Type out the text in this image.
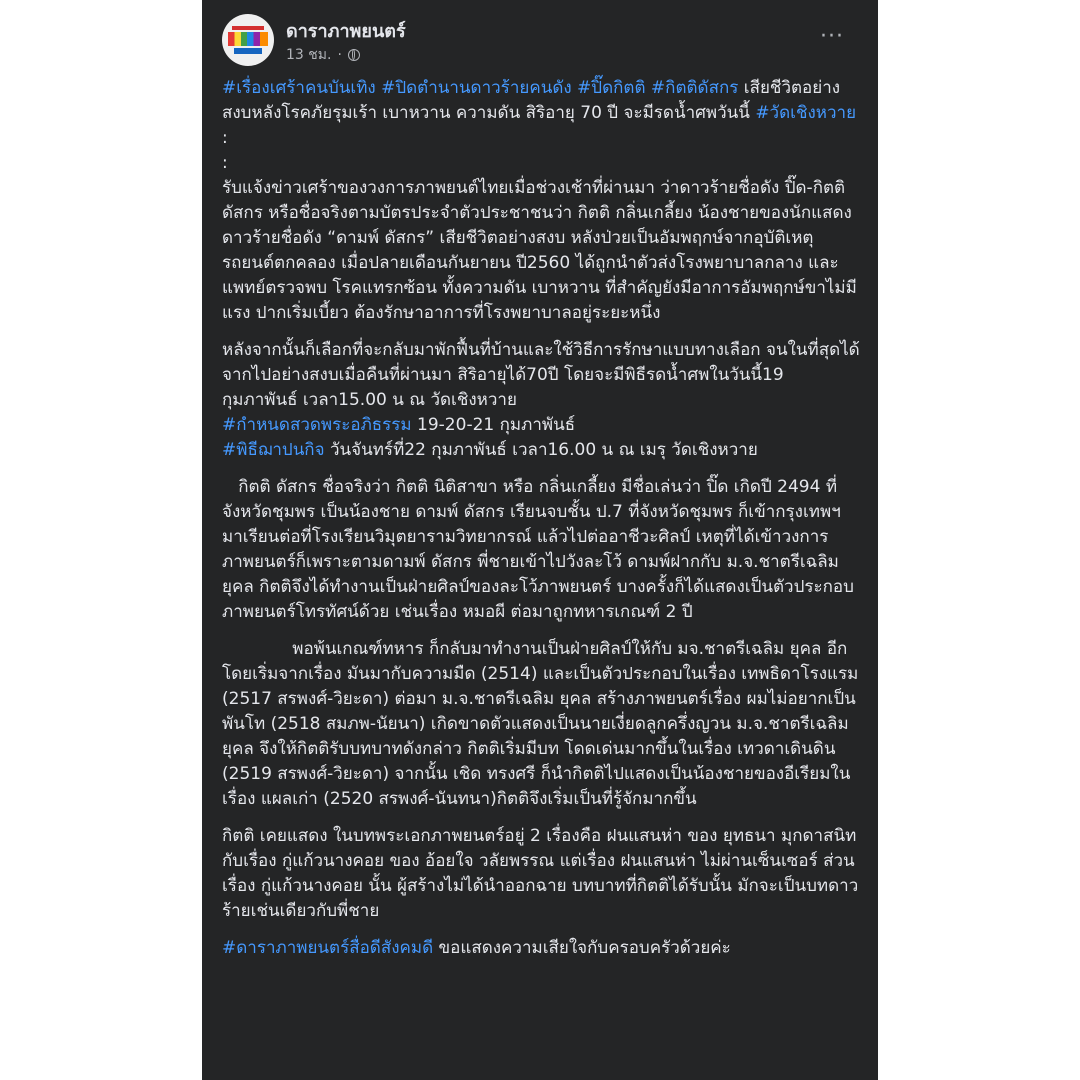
ดาราภาพยนตร์
13 ชม. ·
···

#เรื่องเศร้าคนบันเทิง #ปิดตำนานดาวร้ายคนดัง #ปิ๊ดกิตติ #กิตติดัสกร เสียชีวิตอย่างสงบหลังโรคภัยรุมเร้า เบาหวาน ความดัน สิริอายุ 70 ปี จะมีรดน้ำศพวันนี้ #วัดเชิงหวาย

:

:

รับแจ้งข่าวเศร้าของวงการภาพยนต์ไทยเมื่อช่วงเช้าที่ผ่านมา ว่าดาวร้ายชื่อดัง ปิ๊ด-กิตติ ดัสกร หรือชื่อจริงตามบัตรประจำตัวประชาชนว่า กิตติ กลิ่นเกลี้ยง น้องชายของนักแสดงดาวร้ายชื่อดัง “ดามพ์ ดัสกร” เสียชีวิตอย่างสงบ หลังป่วยเป็นอัมพฤกษ์จากอุบัติเหตุรถยนต์ตกคลอง เมื่อปลายเดือนกันยายน ปี2560 ได้ถูกนำตัวส่งโรงพยาบาลกลาง และแพทย์ตรวจพบ โรคแทรกซ้อน ทั้งความดัน เบาหวาน ที่สำคัญยังมีอาการอัมพฤกษ์ขาไม่มีแรง ปากเริ่มเบี้ยว ต้องรักษาอาการที่โรงพยาบาลอยู่ระยะหนึ่ง

หลังจากนั้นก็เลือกที่จะกลับมาพักฟื้นที่บ้านและใช้วิธีการรักษาแบบทางเลือก จนในที่สุดได้จากไปอย่างสงบเมื่อคืนที่ผ่านมา สิริอายุได้70ปี โดยจะมีพิธีรดน้ำศพในวันนี้19 กุมภาพันธ์ เวลา15.00 น ณ วัดเชิงหวาย

#กำหนดสวดพระอภิธรรม 19-20-21 กุมภาพันธ์

#พิธีฌาปนกิจ วันจันทร์ที่22 กุมภาพันธ์ เวลา16.00 น ณ เมรุ วัดเชิงหวาย

กิตติ ดัสกร ชื่อจริงว่า กิตติ นิติสาขา หรือ กลิ่นเกลี้ยง มีชื่อเล่นว่า ปิ๊ด เกิดปี 2494 ที่จังหวัดชุมพร เป็นน้องชาย ดามพ์ ดัสกร เรียนจบชั้น ป.7 ที่จังหวัดชุมพร ก็เข้ากรุงเทพฯ มาเรียนต่อที่โรงเรียนวิมุตยารามวิทยากรณ์ แล้วไปต่ออาชีวะศิลป์ เหตุที่ได้เข้าวงการภาพยนตร์ก็เพราะตามดามพ์ ดัสกร พี่ชายเข้าไปวังละโว้ ดามพ์ฝากกับ ม.จ.ชาตรีเฉลิม ยุคล กิตติจึงได้ทำงานเป็นฝ่ายศิลป์ของละโว้ภาพยนตร์ บางครั้งก็ได้แสดงเป็นตัวประกอบภาพยนตร์โทรทัศน์ด้วย เช่นเรื่อง หมอผี ต่อมาถูกทหารเกณฑ์ 2 ปี

พอพ้นเกณฑ์ทหาร ก็กลับมาทำงานเป็นฝ่ายศิลป์ให้กับ มจ.ชาตรีเฉลิม ยุคล อีกโดยเริ่มจากเรื่อง มันมากับความมืด (2514) และเป็นตัวประกอบในเรื่อง เทพธิดาโรงแรม (2517 สรพงศ์-วิยะดา) ต่อมา ม.จ.ชาตรีเฉลิม ยุคล สร้างภาพยนตร์เรื่อง ผมไม่อยากเป็นพันโท (2518 สมภพ-นัยนา) เกิดขาดตัวแสดงเป็นนายเงี่ยดลูกครึ่งญวน ม.จ.ชาตรีเฉลิม ยุคล จึงให้กิตติรับบทบาทดังกล่าว กิตติเริ่มมีบท โดดเด่นมากขึ้นในเรื่อง เทวดาเดินดิน (2519 สรพงศ์-วิยะดา) จากนั้น เชิด ทรงศรี ก็นำกิตติไปแสดงเป็นน้องชายของอีเรียมในเรื่อง แผลเก่า (2520 สรพงศ์-นันทนา)กิตติจึงเริ่มเป็นที่รู้จักมากขึ้น

กิตติ เคยแสดง ในบทพระเอกภาพยนตร์อยู่ 2 เรื่องคือ ฝนแสนห่า ของ ยุทธนา มุกดาสนิท กับเรื่อง กู่แก้วนางคอย ของ อ้อยใจ วลัยพรรณ แต่เรื่อง ฝนแสนห่า ไม่ผ่านเซ็นเซอร์ ส่วนเรื่อง กู่แก้วนางคอย นั้น ผู้สร้างไม่ได้นำออกฉาย บทบาทที่กิตติได้รับนั้น มักจะเป็นบทดาวร้ายเช่นเดียวกับพี่ชาย

#ดาราภาพยนตร์สื่อดีสังคมดี ขอแสดงความเสียใจกับครอบครัวด้วยค่ะ
